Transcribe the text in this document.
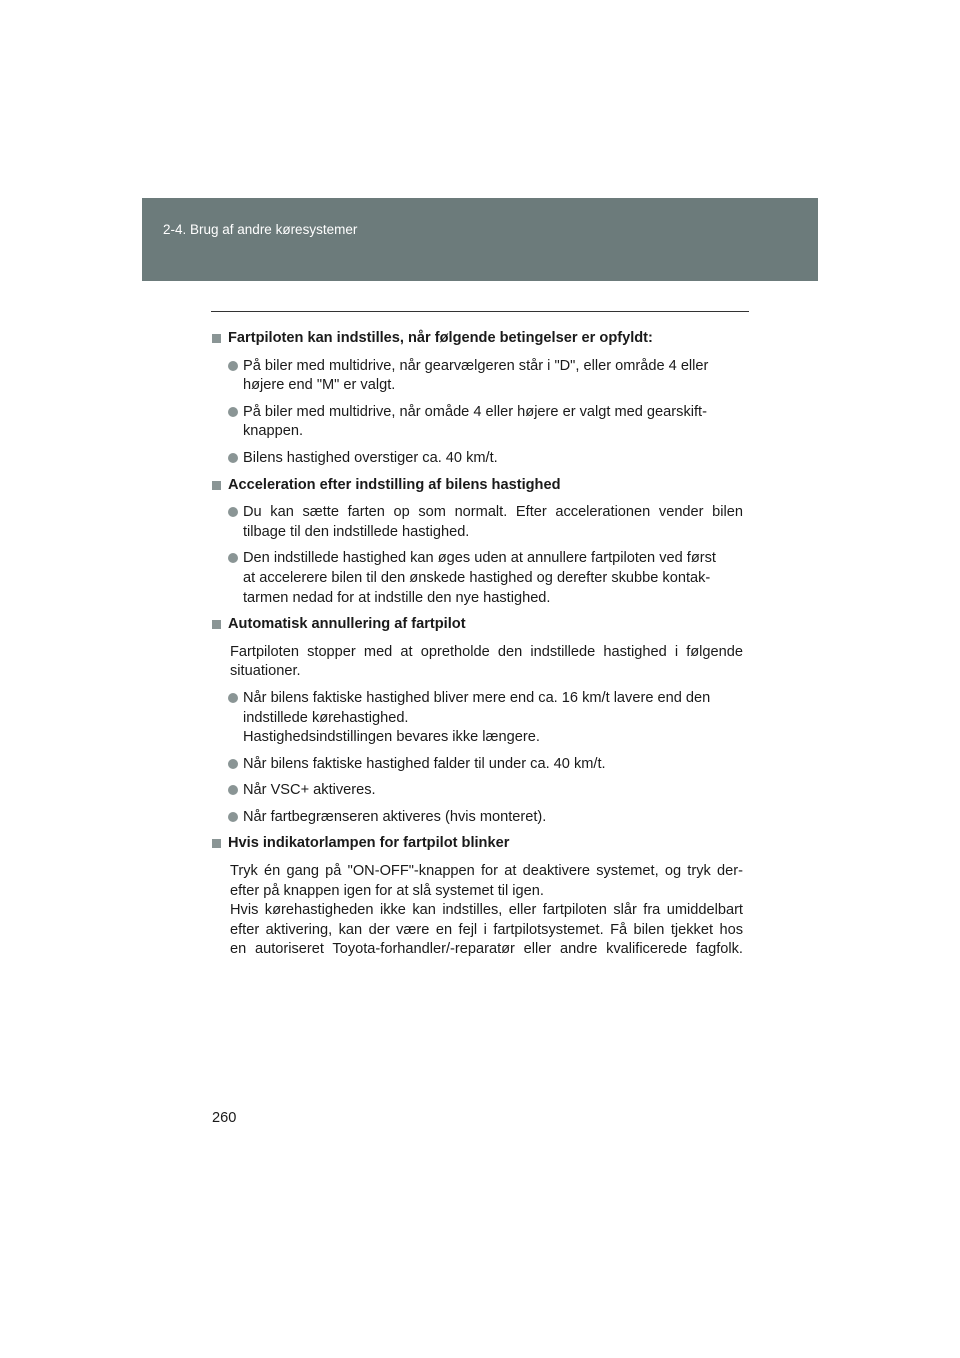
2-4. Brug af andre køresystemer
Fartpiloten kan indstilles, når følgende betingelser er opfyldt:
På biler med multidrive, når gearvælgeren står i "D", eller område 4 eller
højere end "M" er valgt.
På biler med multidrive, når omåde 4 eller højere er valgt med gearskift-
knappen.
Bilens hastighed overstiger ca. 40 km/t.
Acceleration efter indstilling af bilens hastighed
Du kan sætte farten op som normalt. Efter accelerationen vender bilen
tilbage til den indstillede hastighed.
Den indstillede hastighed kan øges uden at annullere fartpiloten ved først
at accelerere bilen til den ønskede hastighed og derefter skubbe kontak-
tarmen nedad for at indstille den nye hastighed.
Automatisk annullering af fartpilot
Fartpiloten stopper med at opretholde den indstillede hastighed i følgende
situationer.
Når bilens faktiske hastighed bliver mere end ca. 16 km/t lavere end den
indstillede kørehastighed.
Hastighedsindstillingen bevares ikke længere.
Når bilens faktiske hastighed falder til under ca. 40 km/t.
Når VSC+ aktiveres.
Når fartbegrænseren aktiveres (hvis monteret).
Hvis indikatorlampen for fartpilot blinker
Tryk én gang på "ON-OFF"-knappen for at deaktivere systemet, og tryk der-
efter på knappen igen for at slå systemet til igen.
Hvis kørehastigheden ikke kan indstilles, eller fartpiloten slår fra umiddelbart
efter aktivering, kan der være en fejl i fartpilotsystemet. Få bilen tjekket hos
en autoriseret Toyota-forhandler/-reparatør eller andre kvalificerede fagfolk.
260
